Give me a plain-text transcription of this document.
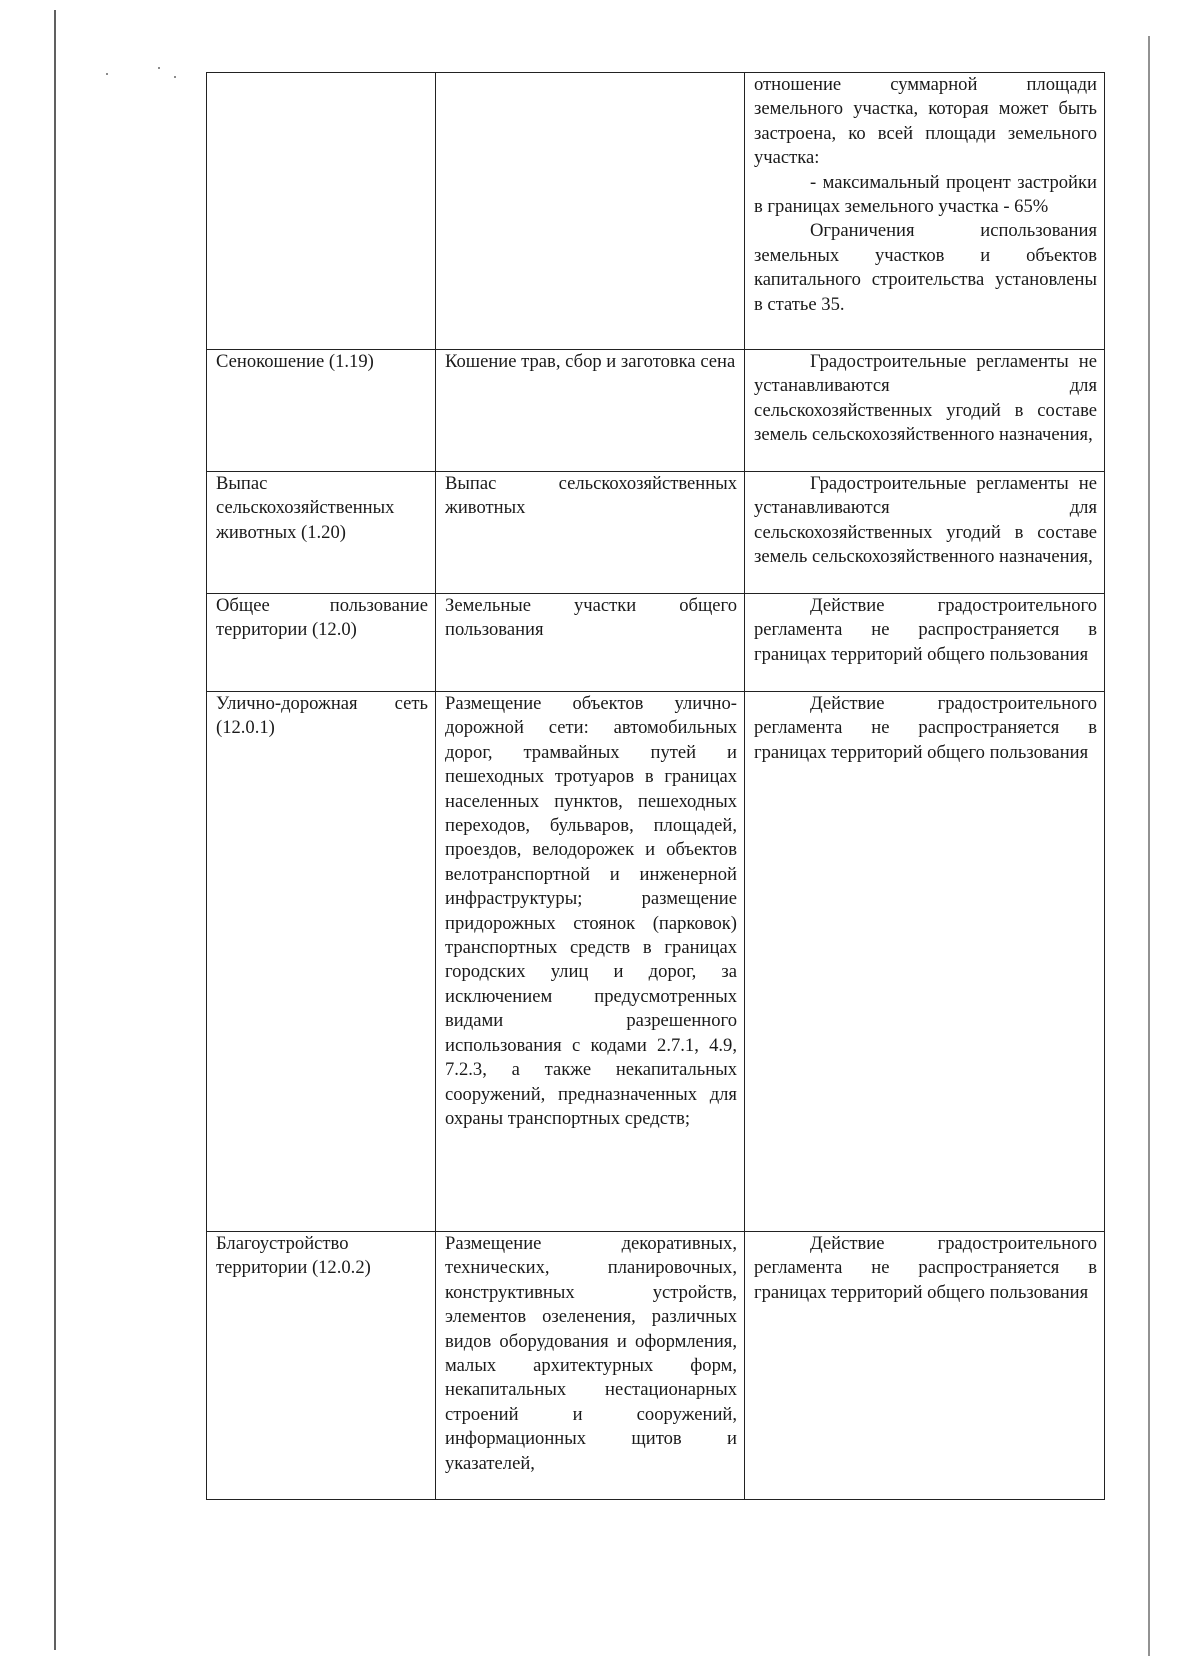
		отношение суммарной площади земельного участка, которая может быть застроена, ко всей площади земельного участка:

- максимальный процент застройки в границах земельного участка - 65%

Ограничения использования земельных участков и объектов капитального строительства установлены в статье 35.

Сенокошение (1.19)	Кошение трав, сбор и заготовка сена	Градостроительные регламенты не устанавливаются для сельскохозяйственных угодий в составе земель сельскохозяйственного назначения,

Выпас сельскохозяйственных животных (1.20)	Выпас сельскохозяйственных животных	Градостроительные регламенты не устанавливаются для сельскохозяйственных угодий в составе земель сельскохозяйственного назначения,

Общее пользование территории (12.0)	Земельные участки общего пользования	Действие градостроительного регламента не распространяется в границах территорий общего пользования

Улично-дорожная сеть (12.0.1)	Размещение объектов улично-дорожной сети: автомобильных дорог, трамвайных путей и пешеходных тротуаров в границах населенных пунктов, пешеходных переходов, бульваров, площадей, проездов, велодорожек и объектов велотранспортной и инженерной инфраструктуры; размещение придорожных стоянок (парковок) транспортных средств в границах городских улиц и дорог, за исключением предусмотренных видами разрешенного использования с кодами 2.7.1, 4.9, 7.2.3, а также некапитальных сооружений, предназначенных для охраны транспортных средств;	Действие градостроительного регламента не распространяется в границах территорий общего пользования

Благоустройство территории (12.0.2)	Размещение декоративных, технических, планировочных, конструктивных устройств, элементов озеленения, различных видов оборудования и оформления, малых архитектурных форм, некапитальных нестационарных строений и сооружений, информационных щитов и указателей,	Действие градостроительного регламента не распространяется в границах территорий общего пользования
